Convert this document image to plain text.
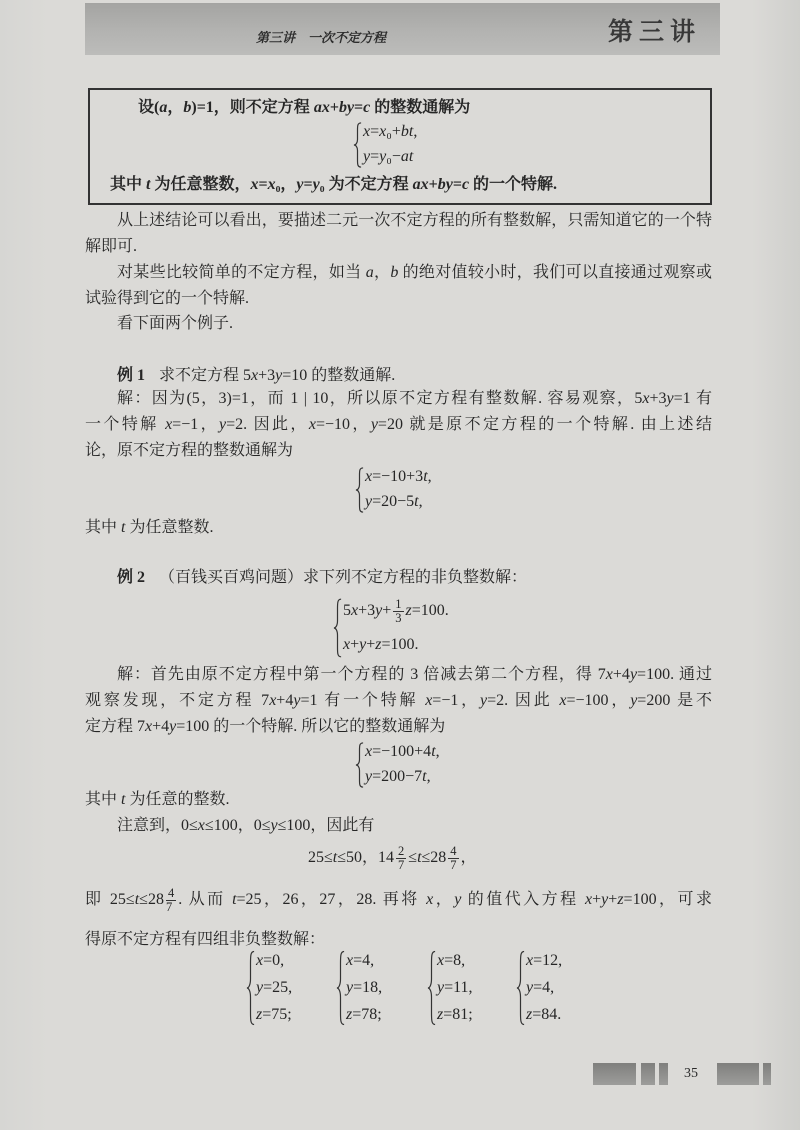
第三讲　一次不定方程	第三讲
设(a，b)=1，则不定方程 ax+by=c 的整数通解为
x=x₀+bt,
y=y₀−at
其中 t 为任意整数，x=x₀，y=y₀ 为不定方程 ax+by=c 的一个特解.
从上述结论可以看出，要描述二元一次不定方程的所有整数解，只需知道它的一个特
解即可.
对某些比较简单的不定方程，如当 a，b 的绝对值较小时，我们可以直接通过观察或
试验得到它的一个特解.
看下面两个例子.
例 1 求不定方程 5x+3y=10 的整数通解.
解：因为(5，3)=1，而 1 | 10，所以原不定方程有整数解. 容易观察，5x+3y=1 有
一个特解 x=−1，y=2. 因此，x=−10，y=20 就是原不定方程的一个特解. 由上述结
论，原不定方程的整数通解为
x=−10+3t,
y=20−5t,
其中 t 为任意整数.
例 2 （百钱买百鸡问题）求下列不定方程的非负整数解：
$5x+3y+ \frac{1}{3} z=100$.
x+y+z=100.
解：首先由原不定方程中第一个方程的 3 倍减去第二个方程，得 7x+4y=100. 通过
观察发现，不定方程 7x+4y=1 有一个特解 x=−1，y=2. 因此 x=−100，y=200 是不
定方程 7x+4y=100 的一个特解. 所以它的整数通解为
x=−100+4t,
y=200−7t,
其中 t 为任意的整数.
注意到，0≤x≤100，0≤y≤100，因此有
25≤t≤50，$14 \frac{2}{7} \le t\le 28 \frac{4}{7}$ ，
即 $25\le t\le 28 \frac{4}{7}$ . 从而 t=25，26，27，28. 再将 x，y 的值代入方程 x+y+z=100，可求
得原不定方程有四组非负整数解：
x=0,
y=25,
z=75;
x=4,
y=18,
z=78;
x=8,
y=11,
z=81;
x=12,
y=4,
z=84.
35
